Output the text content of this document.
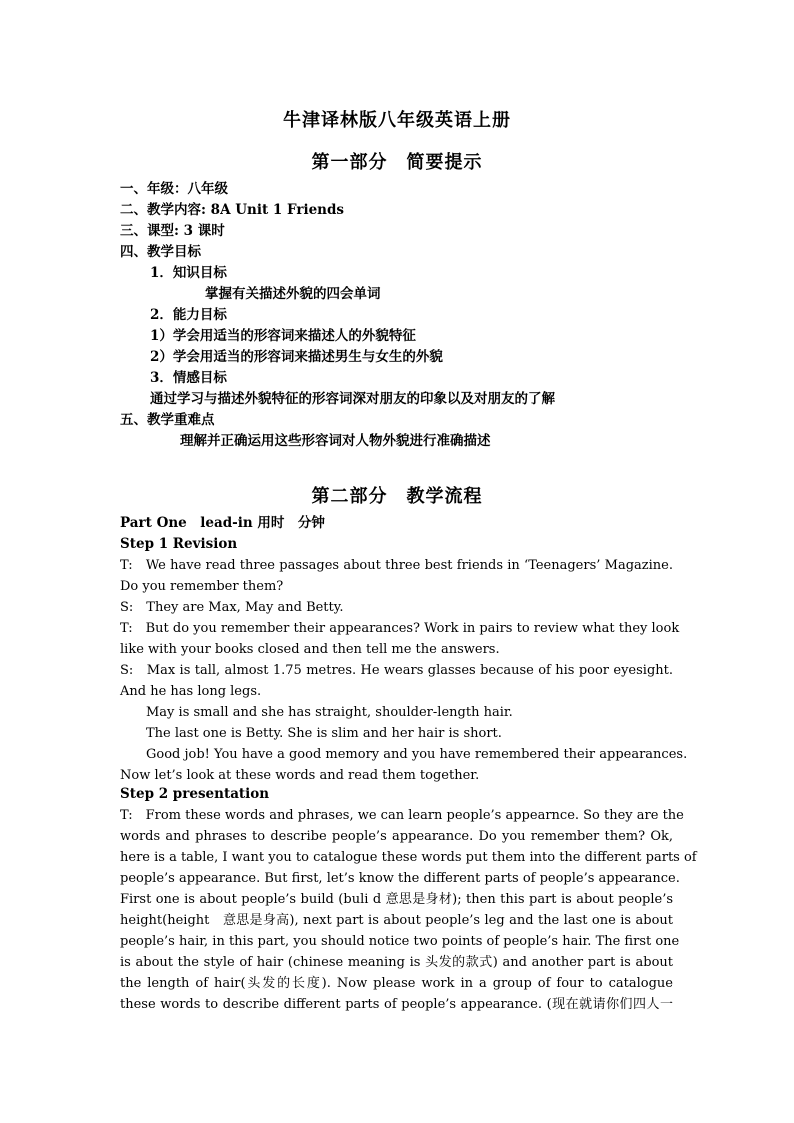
牛津译林版八年级英语上册
第一部分　简要提示
一、年级：八年级
二、教学内容: 8A Unit 1 Friends
三、课型: 3 课时
四、教学目标
1．知识目标
掌握有关描述外貌的四会单词
2．能力目标
1）学会用适当的形容词来描述人的外貌特征
2）学会用适当的形容词来描述男生与女生的外貌
3．情感目标
通过学习与描述外貌特征的形容词深对朋友的印象以及对朋友的了解
五、教学重难点
理解并正确运用这些形容词对人物外貌进行准确描述
第二部分　教学流程
Part One　lead-in 用时　分钟
Step 1 Revision
T:　We have read three passages about three best friends in ‘Teenagers’ Magazine.
Do you remember them?
S:　They are Max, May and Betty.
T:　But do you remember their appearances? Work in pairs to review what they look
like with your books closed and then tell me the answers.
S:　Max is tall, almost 1.75 metres. He wears glasses because of his poor eyesight.
And he has long legs.
　　May is small and she has straight, shoulder-length hair.
　　The last one is Betty. She is slim and her hair is short.
　　Good job! You have a good memory and you have remembered their appearances.
Now let’s look at these words and read them together.
Step 2 presentation
T:　From these words and phrases, we can learn people’s appearnce. So they are the
words and phrases to describe people’s appearance. Do you remember them? Ok,
here is a table, I want you to catalogue these words put them into the different parts of
people’s appearance. But first, let’s know the different parts of people’s appearance.
First one is about people’s build (buli d 意思是身材); then this part is about people’s
height(height　意思是身高), next part is about people’s leg and the last one is about
people’s hair, in this part, you should notice two points of people’s hair. The first one
is about the style of hair (chinese meaning is 头发的款式) and another part is about
the length of hair(头发的长度). Now please work in a group of four to catalogue
these words to describe different parts of people’s appearance. (现在就请你们四人一
